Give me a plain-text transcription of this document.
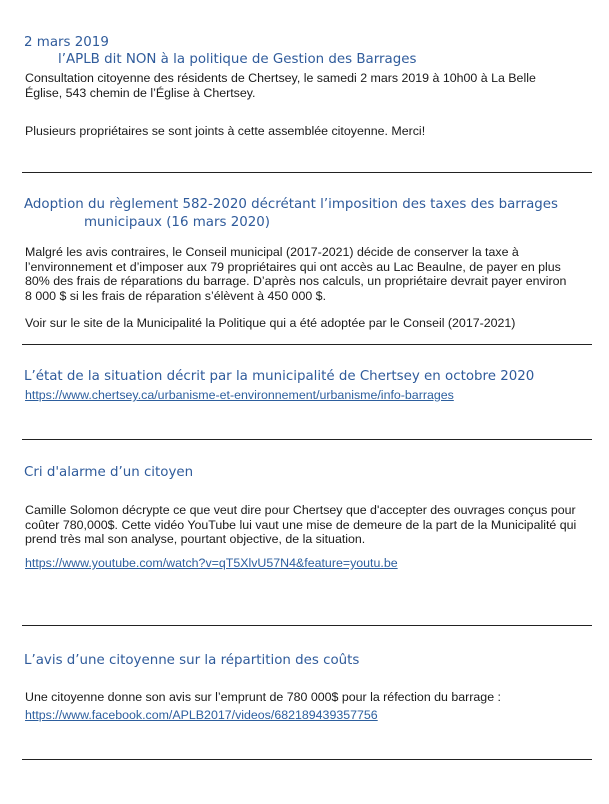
2 mars 2019
l’APLB dit NON à la politique de Gestion des Barrages
Consultation citoyenne des résidents de Chertsey, le samedi 2 mars 2019 à 10h00 à La Belle Église, 543 chemin de l’Église à Chertsey.
Plusieurs propriétaires se sont joints à cette assemblée citoyenne. Merci!
Adoption du règlement 582-2020 décrétant l’imposition des taxes des barrages
municipaux (16 mars 2020)
Malgré les avis contraires, le Conseil municipal (2017-2021) décide de conserver la taxe à l’environnement et d’imposer aux 79 propriétaires qui ont accès au Lac Beaulne, de payer en plus 80% des frais de réparations du barrage. D’après nos calculs, un propriétaire devrait payer environ 8 000 $ si les frais de réparation s’élèvent à 450 000 $.
Voir sur le site de la Municipalité la Politique qui a été adoptée par le Conseil (2017-2021)
L’état de la situation décrit par la municipalité de Chertsey en octobre 2020
https://www.chertsey.ca/urbanisme-et-environnement/urbanisme/info-barrages
Cri d'alarme d’un citoyen
Camille Solomon décrypte ce que veut dire pour Chertsey que d'accepter des ouvrages conçus pour coûter 780,000$. Cette vidéo YouTube lui vaut une mise de demeure de la part de la Municipalité qui prend très mal son analyse, pourtant objective, de la situation.
https://www.youtube.com/watch?v=qT5XlvU57N4&feature=youtu.be
L’avis d’une citoyenne sur la répartition des coûts
Une citoyenne donne son avis sur l’emprunt de 780 000$ pour la réfection du barrage :
https://www.facebook.com/APLB2017/videos/682189439357756
